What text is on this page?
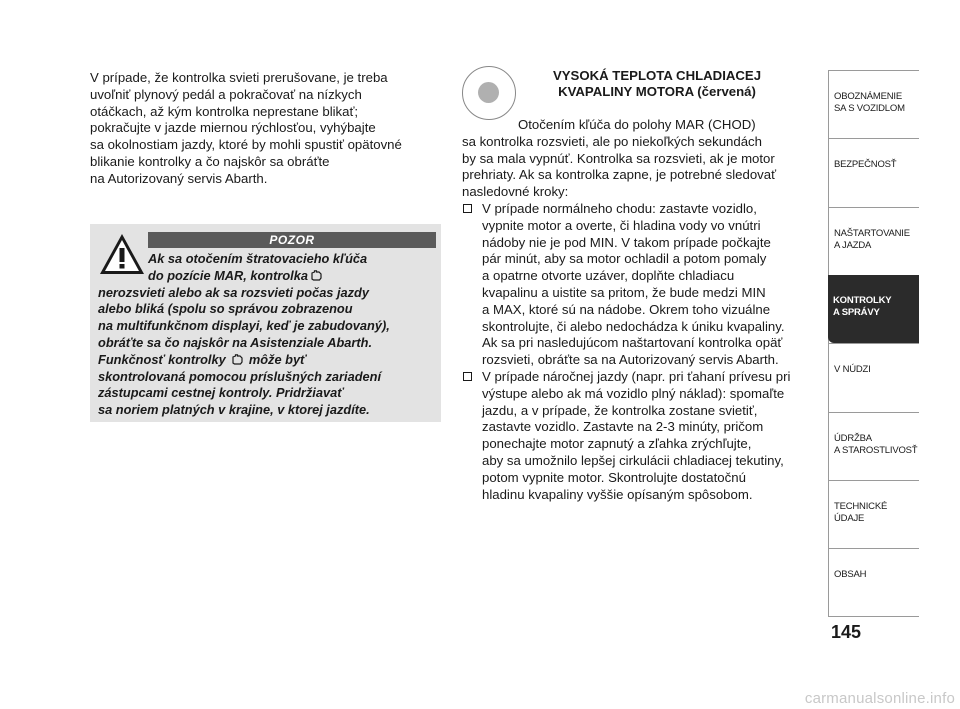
V prípade, že kontrolka svieti prerušovane, je treba
uvoľniť plynový pedál a pokračovať na nízkych
otáčkach, až kým kontrolka neprestane blikať;
pokračujte v jazde miernou rýchlosťou, vyhýbajte
sa okolnostiam jazdy, ktoré by mohli spustiť opätovné
blikanie kontrolky a čo najskôr sa obráťte
na Autorizovaný servis Abarth.

POZOR
Ak sa otočením štratovacieho kľúča
do pozície MAR, kontrolka
nerozsvieti alebo ak sa rozsvieti počas jazdy
alebo bliká (spolu so správou zobrazenou
na multifunkčnom displayi, keď je zabudovaný),
obráťte sa čo najskôr na Asistenziale Abarth.
Funkčnosť kontrolky môže byť
skontrolovaná pomocou príslušných zariadení
zástupcami cestnej kontroly. Pridržiavať
sa noriem platných v krajine, v ktorej jazdíte.
VYSOKÁ TEPLOTA CHLADIACEJ
KVAPALINY MOTORA (červená)
Otočením kľúča do polohy MAR (CHOD)
sa kontrolka rozsvieti, ale po niekoľkých sekundách
by sa mala vypnúť. Kontrolka sa rozsvieti, ak je motor
prehriaty. Ak sa kontrolka zapne, je potrebné sledovať
nasledovné kroky:
V prípade normálneho chodu: zastavte vozidlo,
vypnite motor a overte, či hladina vody vo vnútri
nádoby nie je pod MIN. V takom prípade počkajte
pár minút, aby sa motor ochladil a potom pomaly
a opatrne otvorte uzáver, doplňte chladiacu
kvapalinu a uistite sa pritom, že bude medzi MIN
a MAX, ktoré sú na nádobe. Okrem toho vizuálne
skontrolujte, či alebo nedochádza k úniku kvapaliny.
Ak sa pri nasledujúcom naštartovaní kontrolka opäť
rozsvieti, obráťte sa na Autorizovaný servis Abarth.
V prípade náročnej jazdy (napr. pri ťahaní prívesu pri
výstupe alebo ak má vozidlo plný náklad): spomaľte
jazdu, a v prípade, že kontrolka zostane svietiť,
zastavte vozidlo. Zastavte na 2-3 minúty, pričom
ponechajte motor zapnutý a zľahka zrýchľujte,
aby sa umožnilo lepšej cirkulácii chladiacej tekutiny,
potom vypnite motor. Skontrolujte dostatočnú
hladinu kvapaliny vyššie opísaným spôsobom.
OBOZNÁMENIE
SA S VOZIDLOM
BEZPEČNOSŤ
NAŠTARTOVANIE
A JAZDA
KONTROLKY
A SPRÁVY
V NÚDZI
ÚDRŽBA
A STAROSTLIVOSŤ
TECHNICKÉ
ÚDAJE
OBSAH
145
carmanualsonline.info
